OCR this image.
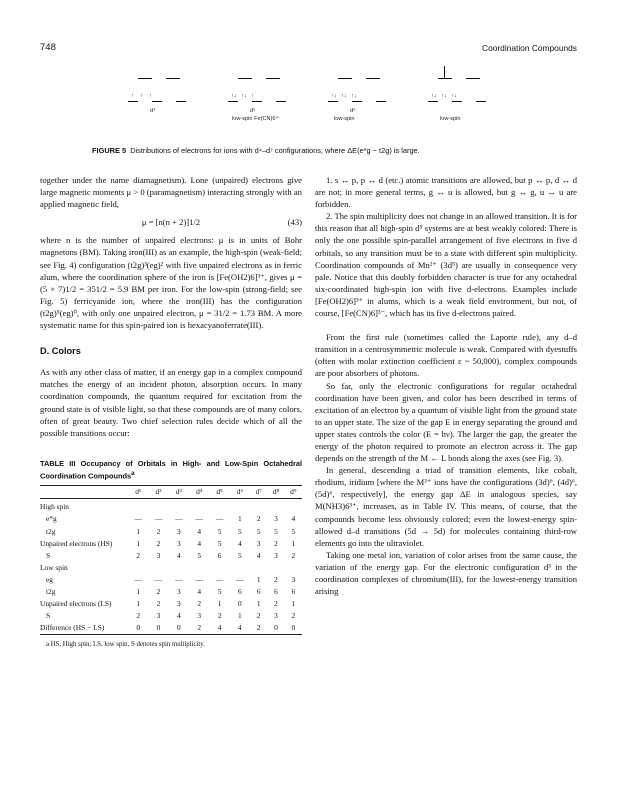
748	Coordination Compounds
↑    ↑    ↑	↑↓   ↑↓   ↑	↑↓   ↑↓   ↑↓	↑↓   ↑↓   ↑↓
d⁴	d⁵
low-spin Fe(CN)6⁴⁻
d⁶
low-spin	low-spin
FIGURE 5 Distributions of electrons for ions with d⁴–d⁷ configurations, where ΔE(e*g − t2g) is large.

together under the name diamagnetism). Lone (unpaired) electrons give large magnetic moments μ > 0 (paramagnetism) interacting strongly with an applied magnetic field,

μ = [n(n + 2)]1/2	(43)

where n is the number of unpaired electrons: μ is in units of Bohr magnetons (BM). Taking iron(III) as an example, the high-spin (weak-field; see Fig. 4) configuration (t2g)³(eg)² with five unpaired electrons as in ferric alum, where the coordination sphere of the iron is [Fe(OH2)6]³⁺, gives μ = (5 × 7)1/2 = 351/2 = 5.9 BM per iron. For the low-spin (strong-field; see Fig. 5) ferricyanide ion, where the iron(III) has the configuration (t2g)⁵(eg)⁰, with only one unpaired electron, μ = 31/2 = 1.73 BM. A more systematic name for this spin-paired ion is hexacyanoferrate(III).

D. Colors

As with any other class of matter, if an energy gap in a complex compound matches the energy of an incident photon, absorption occurs. In many coordination compounds, the quantum required for excitation from the ground state is of visible light, so that these compounds are of many colors, often of great beauty. Two chief selection rules decide which of all the possible transitions occur:

TABLE III Occupancy of Orbitals in High- and Low-Spin Octahedral Coordination Compounds$^a$
	d¹	d²	d³	d⁴	d⁵	d⁶	d⁷	d⁸	d⁹

High spin									
e*g	—	—	—	—	—	1	2	3	4
t2g	1	2	3	4	5	5	5	5	5
Unpaired electrons (HS)	1	2	3	4	5	4	3	2	1
S	2	3	4	5	6	5	4	3	2
Low spin									
eg	—	—	—	—	—	—	1	2	3
t2g	1	2	3	4	5	6	6	6	6
Unpaired electrons (LS)	1	2	3	2	1	0	1	2	1
S	2	3	4	3	2	1	2	3	2
Difference (HS − LS)	0	0	0	2	4	4	2	0	0
a HS, High spin; LS, low spin, S denotes spin multiplicity.

1. s ↔ p, p ↔ d (etc.) atomic transitions are allowed, but p ↔ p, d ↔ d are not; in more general terms, g ↔ u is allowed, but g ↔ g, u ↔ u are forbidden.

2. The spin multiplicity does not change in an allowed transition. It is for this reason that all high-spin d⁵ systems are at best weakly colored: There is only the one possible spin-parallel arrangement of five electrons in five d orbitals, so any transition must be to a state with different spin multiplicity. Coordination compounds of Mn²⁺ (3d⁵) are usually in consequence very pale. Notice that this doubly forbidden character is true for any octahedral six-coordinated high-spin ion with five d-electrons. Examples include [Fe(OH2)6]³⁺ in alums, which is a weak field environment, but not, of course, [Fe(CN)6]³⁻, which has its five d-electrons paired.

From the first rule (sometimes called the Laporte rule), any d–d transition in a centrosymmetric molecule is weak. Compared with dyestuffs (often with molar extinction coefficient ε ~ 50,000), complex compounds are poor absorbers of photons.

So far, only the electronic configurations for regular octahedral coordination have been given, and color has been described in terms of excitation of an electron by a quantum of visible light from the ground state to an upper state. The size of the gap E in energy separating the ground and upper states controls the color (E = hν). The larger the gap, the greater the energy of the photon required to promote an electron across it. The gap depends on the strength of the M ← L bonds along the axes (see Fig. 3).

In general, descending a triad of transition elements, like cobalt, rhodium, iridium [where the M³⁺ ions have the configurations (3d)⁶, (4d)⁶, (5d)⁶, respectively], the energy gap ΔE in analogous species, say M(NH3)6³⁺, increases, as in Table IV. This means, of course, that the compounds become less obviously colored; even the lowest-energy spin-allowed d–d transitions (5d → 5d) for molecules containing third-row elements go into the ultraviolet.

Taking one metal ion, variation of color arises from the same cause, the variation of the energy gap. For the electronic configuration d³ in the coordination complexes of chromium(III), for the lowest-energy transition arising
